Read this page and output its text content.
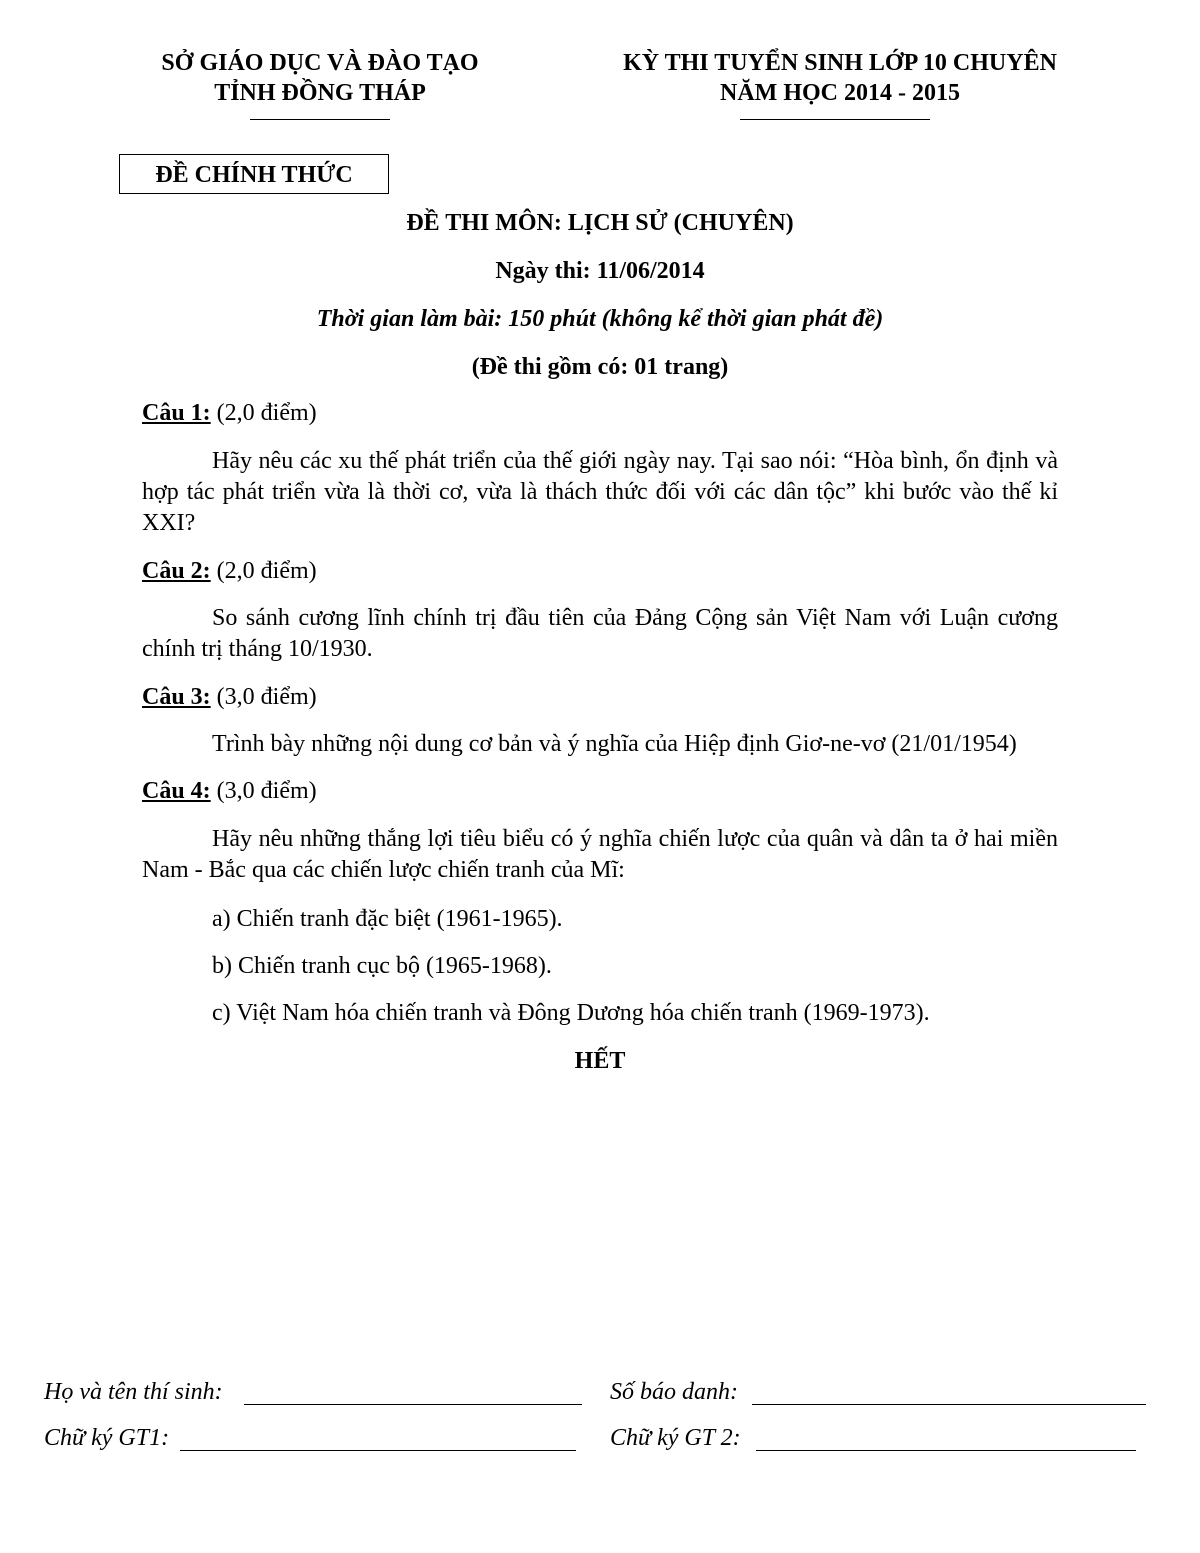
SỞ GIÁO DỤC VÀ ĐÀO TẠO
TỈNH ĐỒNG THÁP
KỲ THI TUYỂN SINH LỚP 10 CHUYÊN
NĂM HỌC 2014 - 2015
ĐỀ CHÍNH THỨC
ĐỀ THI MÔN: LỊCH SỬ (CHUYÊN)
Ngày thi: 11/06/2014
Thời gian làm bài: 150 phút (không kể thời gian phát đề)
(Đề thi gồm có: 01 trang)
Câu 1: (2,0 điểm)
Hãy nêu các xu thế phát triển của thế giới ngày nay. Tại sao nói: “Hòa bình, ổn định và hợp tác phát triển vừa là thời cơ, vừa là thách thức đối với các dân tộc” khi bước vào thế kỉ XXI?
Câu 2: (2,0 điểm)
So sánh cương lĩnh chính trị đầu tiên của Đảng Cộng sản Việt Nam với Luận cương chính trị tháng 10/1930.
Câu 3: (3,0 điểm)
Trình bày những nội dung cơ bản và ý nghĩa của Hiệp định Giơ-ne-vơ (21/01/1954)
Câu 4: (3,0 điểm)
Hãy nêu những thắng lợi tiêu biểu có ý nghĩa chiến lược của quân và dân ta ở hai miền Nam - Bắc qua các chiến lược chiến tranh của Mĩ:
a) Chiến tranh đặc biệt (1961-1965).
b) Chiến tranh cục bộ (1965-1968).
c) Việt Nam hóa chiến tranh và Đông Dương hóa chiến tranh (1969-1973).
HẾT
Họ và tên thí sinh:	Số báo danh:
Chữ ký GT1:	Chữ ký GT 2:
